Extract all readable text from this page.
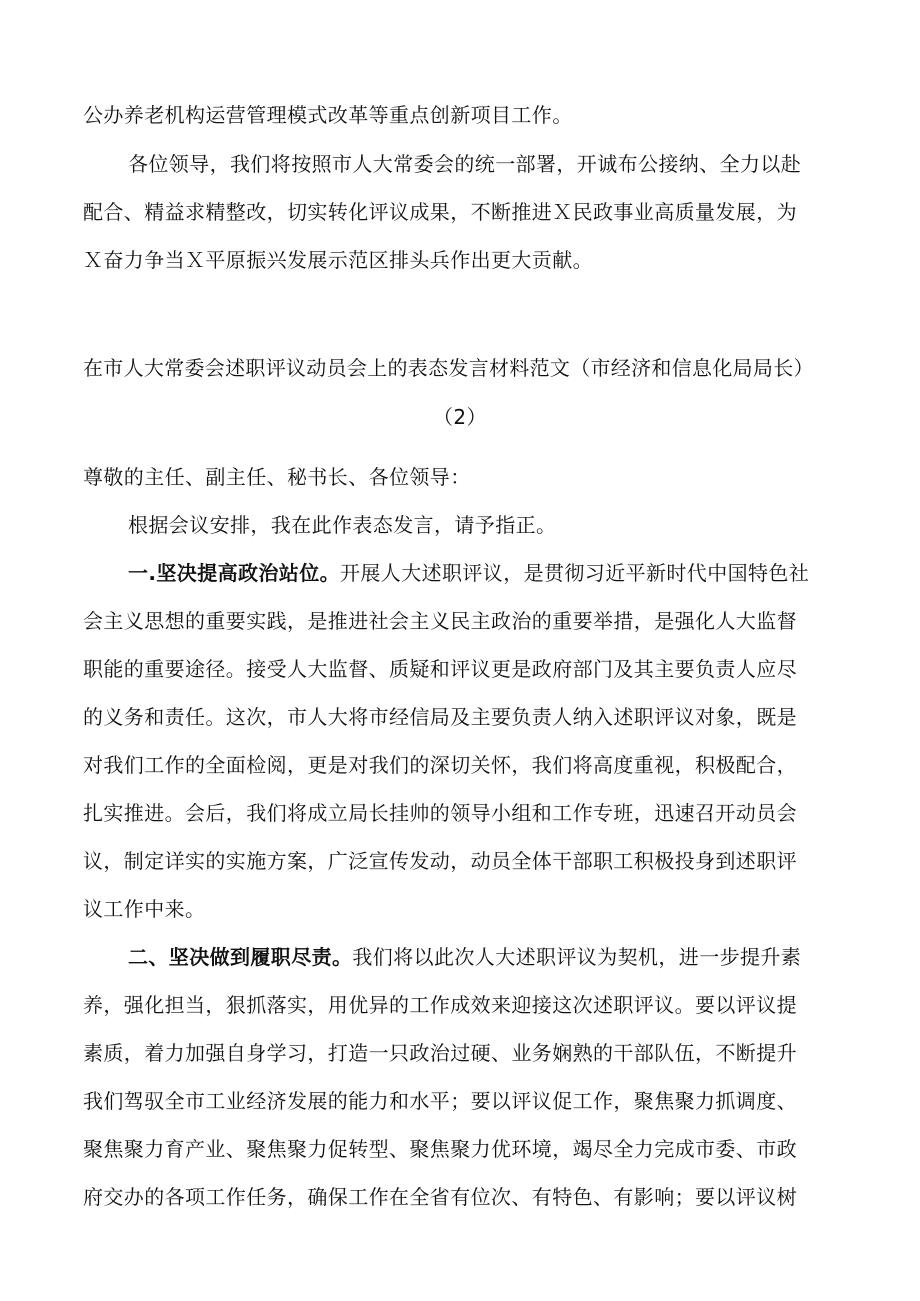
公办养老机构运营管理模式改革等重点创新项目工作。
各位领导，我们将按照市人大常委会的统一部署，开诚布公接纳、全力以赴
配合、精益求精整改，切实转化评议成果，不断推进Ｘ民政事业高质量发展，为
Ｘ奋力争当Ｘ平原振兴发展示范区排头兵作出更大贡献。
在市人大常委会述职评议动员会上的表态发言材料范文（市经济和信息化局局长）
（2）
尊敬的主任、副主任、秘书长、各位领导：
根据会议安排，我在此作表态发言，请予指正。
一.坚决提高政治站位。开展人大述职评议，是贯彻习近平新时代中国特色社
会主义思想的重要实践，是推进社会主义民主政治的重要举措，是强化人大监督
职能的重要途径。接受人大监督、质疑和评议更是政府部门及其主要负责人应尽
的义务和责任。这次，市人大将市经信局及主要负责人纳入述职评议对象，既是
对我们工作的全面检阅，更是对我们的深切关怀，我们将高度重视，积极配合，
扎实推进。会后，我们将成立局长挂帅的领导小组和工作专班，迅速召开动员会
议，制定详实的实施方案，广泛宣传发动，动员全体干部职工积极投身到述职评
议工作中来。
二、坚决做到履职尽责。我们将以此次人大述职评议为契机，进一步提升素
养，强化担当，狠抓落实，用优异的工作成效来迎接这次述职评议。要以评议提
素质，着力加强自身学习，打造一只政治过硬、业务娴熟的干部队伍，不断提升
我们驾驭全市工业经济发展的能力和水平；要以评议促工作，聚焦聚力抓调度、
聚焦聚力育产业、聚焦聚力促转型、聚焦聚力优环境，竭尽全力完成市委、市政
府交办的各项工作任务，确保工作在全省有位次、有特色、有影响；要以评议树
